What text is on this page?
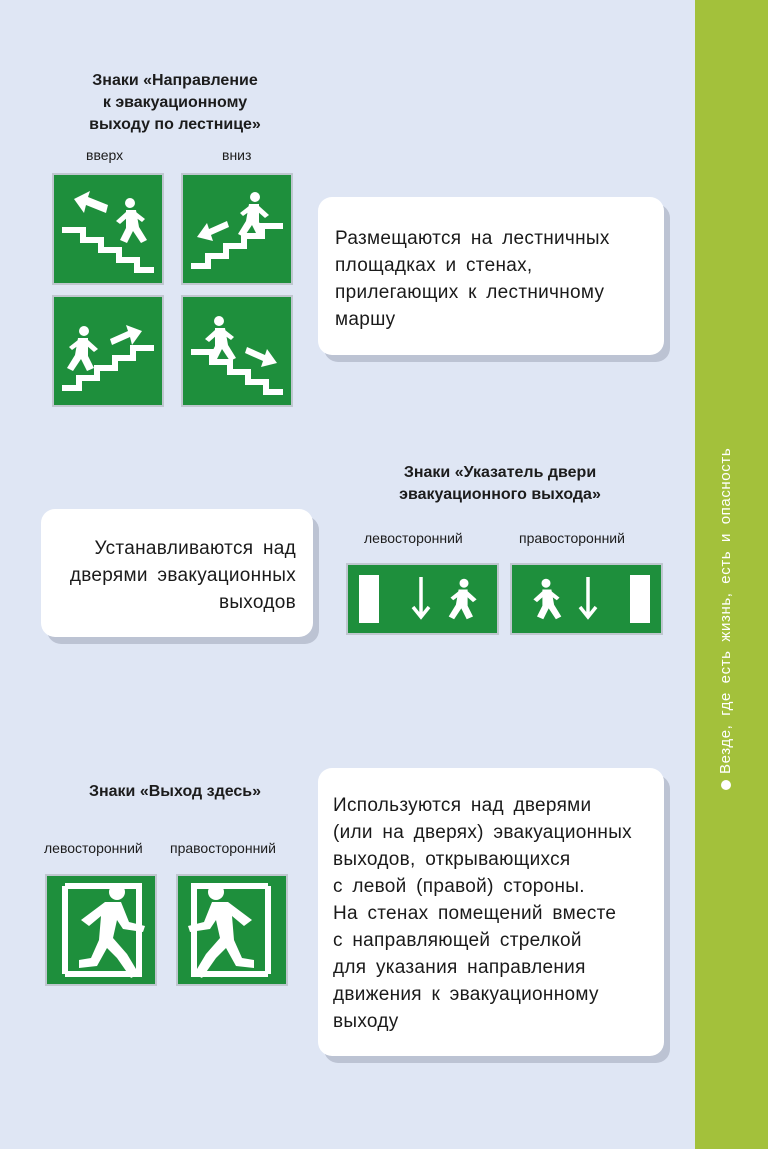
Везде, где есть жизнь, есть и опасность
Знаки «Направление
к эвакуационному
выходу по лестнице»
вверх	вниз
Размещаются на лестничных
площадках и стенах,
прилегающих к лестничному
маршу
Знаки «Указатель двери
эвакуационного выхода»
левосторонний	правосторонний
Устанавливаются над
дверями эвакуационных
выходов
Знаки «Выход здесь»
левосторонний правосторонний
Используются над дверями
(или на дверях) эвакуационных
выходов, открывающихся
с левой (правой) стороны.
На стенах помещений вместе
с направляющей стрелкой
для указания направления
движения к эвакуационному
выходу
